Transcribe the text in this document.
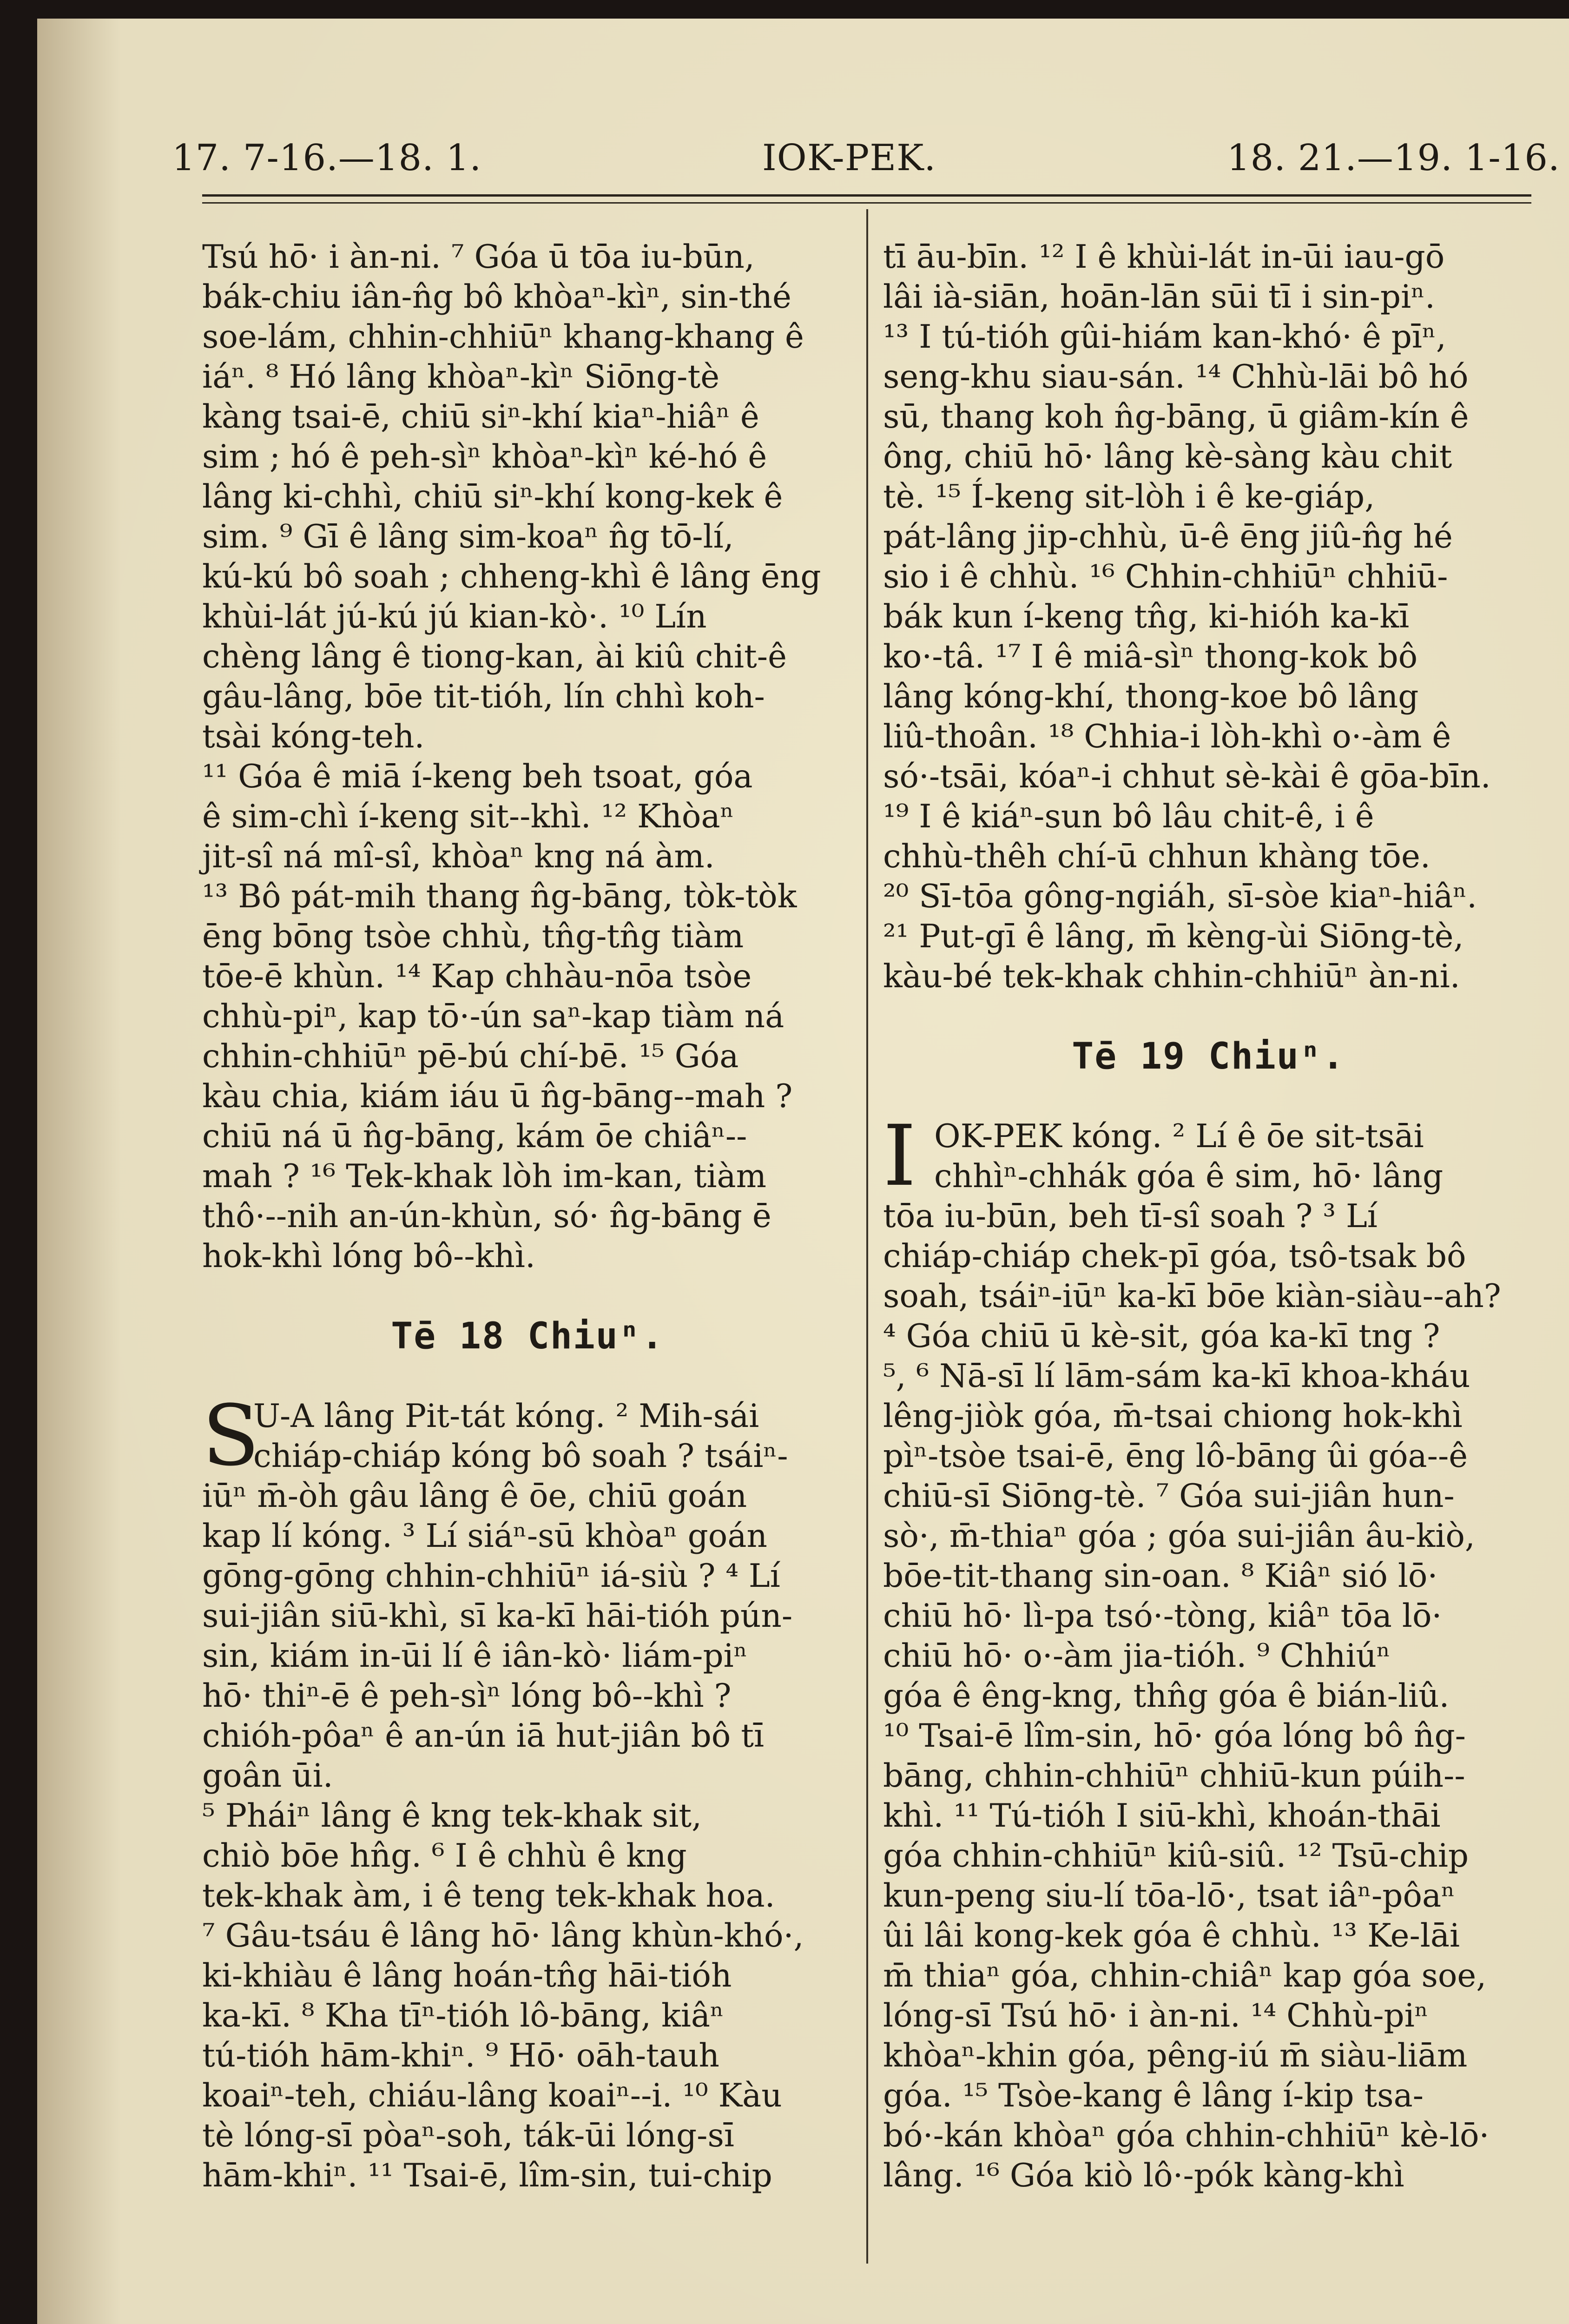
17. 7-16.—18. 1.	IOK-PEK.	18. 21.—19. 1-16.
Tsú hō· i àn-ni. ⁷ Góa ū tōa iu-būn,
bák-chiu iân-n̂g bô khòaⁿ-kìⁿ, sin-thé
soe-lám, chhin-chhiūⁿ khang-khang ê
iáⁿ. ⁸ Hó lâng khòaⁿ-kìⁿ Siōng-tè
kàng tsai-ē, chiū siⁿ-khí kiaⁿ-hiâⁿ ê
sim ; hó ê peh-sìⁿ khòaⁿ-kìⁿ ké-hó ê
lâng ki-chhì, chiū siⁿ-khí kong-kek ê
sim. ⁹ Gī ê lâng sim-koaⁿ n̂g tō-lí,
kú-kú bô soah ; chheng-khì ê lâng ēng
khùi-lát jú-kú jú kian-kò·. ¹⁰ Lín
chèng lâng ê tiong-kan, ài kiû chit-ê
gâu-lâng, bōe tit-tióh, lín chhì koh-
tsài kóng-teh.
¹¹ Góa ê miā í-keng beh tsoat, góa
ê sim-chì í-keng sit--khì. ¹² Khòaⁿ
jit-sî ná mî-sî, khòaⁿ kng ná àm.
¹³ Bô pát-mih thang n̂g-bāng, tòk-tòk
ēng bōng tsòe chhù, tn̂g-tn̂g tiàm
tōe-ē khùn. ¹⁴ Kap chhàu-nōa tsòe
chhù-piⁿ, kap tō·-ún saⁿ-kap tiàm ná
chhin-chhiūⁿ pē-bú chí-bē. ¹⁵ Góa
kàu chia, kiám iáu ū n̂g-bāng--mah ?
chiū ná ū n̂g-bāng, kám ōe chiâⁿ--
mah ? ¹⁶ Tek-khak lòh im-kan, tiàm
thô·--nih an-ún-khùn, só· n̂g-bāng ē
hok-khì lóng bô--khì.
Tē 18 Chiuⁿ.
S
U-A lâng Pit-tát kóng. ² Mih-sái
chiáp-chiáp kóng bô soah ? tsáiⁿ-
iūⁿ m̄-òh gâu lâng ê ōe, chiū goán
kap lí kóng. ³ Lí siáⁿ-sū khòaⁿ goán
gōng-gōng chhin-chhiūⁿ iá-siù ? ⁴ Lí
sui-jiân siū-khì, sī ka-kī hāi-tióh pún-
sin, kiám in-ūi lí ê iân-kò· liám-piⁿ
hō· thiⁿ-ē ê peh-sìⁿ lóng bô--khì ?
chióh-pôaⁿ ê an-ún iā hut-jiân bô tī
goân ūi.
⁵ Pháiⁿ lâng ê kng tek-khak sit,
chiò bōe hn̂g. ⁶ I ê chhù ê kng
tek-khak àm, i ê teng tek-khak hoa.
⁷ Gâu-tsáu ê lâng hō· lâng khùn-khó·,
ki-khiàu ê lâng hoán-tn̂g hāi-tióh
ka-kī. ⁸ Kha tīⁿ-tióh lô-bāng, kiâⁿ
tú-tióh hām-khiⁿ. ⁹ Hō· oāh-tauh
koaiⁿ-teh, chiáu-lâng koaiⁿ--i. ¹⁰ Kàu
tè lóng-sī pòaⁿ-soh, ták-ūi lóng-sī
hām-khiⁿ. ¹¹ Tsai-ē, lîm-sin, tui-chip
tī āu-bīn. ¹² I ê khùi-lát in-ūi iau-gō
lâi ià-siān, hoān-lān sūi tī i sin-piⁿ.
¹³ I tú-tióh gûi-hiám kan-khó· ê pīⁿ,
seng-khu siau-sán. ¹⁴ Chhù-lāi bô hó
sū, thang koh n̂g-bāng, ū giâm-kín ê
ông, chiū hō· lâng kè-sàng kàu chit
tè. ¹⁵ Í-keng sit-lòh i ê ke-giáp,
pát-lâng jip-chhù, ū-ê ēng jiû-n̂g hé
sio i ê chhù. ¹⁶ Chhin-chhiūⁿ chhiū-
bák kun í-keng tn̂g, ki-hióh ka-kī
ko·-tâ. ¹⁷ I ê miâ-sìⁿ thong-kok bô
lâng kóng-khí, thong-koe bô lâng
liû-thoân. ¹⁸ Chhia-i lòh-khì o·-àm ê
só·-tsāi, kóaⁿ-i chhut sè-kài ê gōa-bīn.
¹⁹ I ê kiáⁿ-sun bô lâu chit-ê, i ê
chhù-thêh chí-ū chhun khàng tōe.
²⁰ Sī-tōa gông-ngiáh, sī-sòe kiaⁿ-hiâⁿ.
²¹ Put-gī ê lâng, m̄ kèng-ùi Siōng-tè,
kàu-bé tek-khak chhin-chhiūⁿ àn-ni.
Tē 19 Chiuⁿ.
I OK-PEK kóng. ² Lí ê ōe sit-tsāi
chhìⁿ-chhák góa ê sim, hō· lâng
tōa iu-būn, beh tī-sî soah ? ³ Lí
chiáp-chiáp chek-pī góa, tsô-tsak bô
soah, tsáiⁿ-iūⁿ ka-kī bōe kiàn-siàu--ah?
⁴ Góa chiū ū kè-sit, góa ka-kī tng ?
⁵, ⁶ Nā-sī lí lām-sám ka-kī khoa-kháu
lêng-jiòk góa, m̄-tsai chiong hok-khì
pìⁿ-tsòe tsai-ē, ēng lô-bāng ûi góa--ê
chiū-sī Siōng-tè. ⁷ Góa sui-jiân hun-
sò·, m̄-thiaⁿ góa ; góa sui-jiân âu-kiò,
bōe-tit-thang sin-oan. ⁸ Kiâⁿ sió lō·
chiū hō· lì-pa tsó·-tòng, kiâⁿ tōa lō·
chiū hō· o·-àm jia-tióh. ⁹ Chhiúⁿ
góa ê êng-kng, thn̂g góa ê bián-liû.
¹⁰ Tsai-ē lîm-sin, hō· góa lóng bô n̂g-
bāng, chhin-chhiūⁿ chhiū-kun púih--
khì. ¹¹ Tú-tióh I siū-khì, khoán-thāi
góa chhin-chhiūⁿ kiû-siû. ¹² Tsū-chip
kun-peng siu-lí tōa-lō·, tsat iâⁿ-pôaⁿ
ûi lâi kong-kek góa ê chhù. ¹³ Ke-lāi
m̄ thiaⁿ góa, chhin-chiâⁿ kap góa soe,
lóng-sī Tsú hō· i àn-ni. ¹⁴ Chhù-piⁿ
khòaⁿ-khin góa, pêng-iú m̄ siàu-liām
góa. ¹⁵ Tsòe-kang ê lâng í-kip tsa-
bó·-kán khòaⁿ góa chhin-chhiūⁿ kè-lō·
lâng. ¹⁶ Góa kiò lô·-pók kàng-khì
